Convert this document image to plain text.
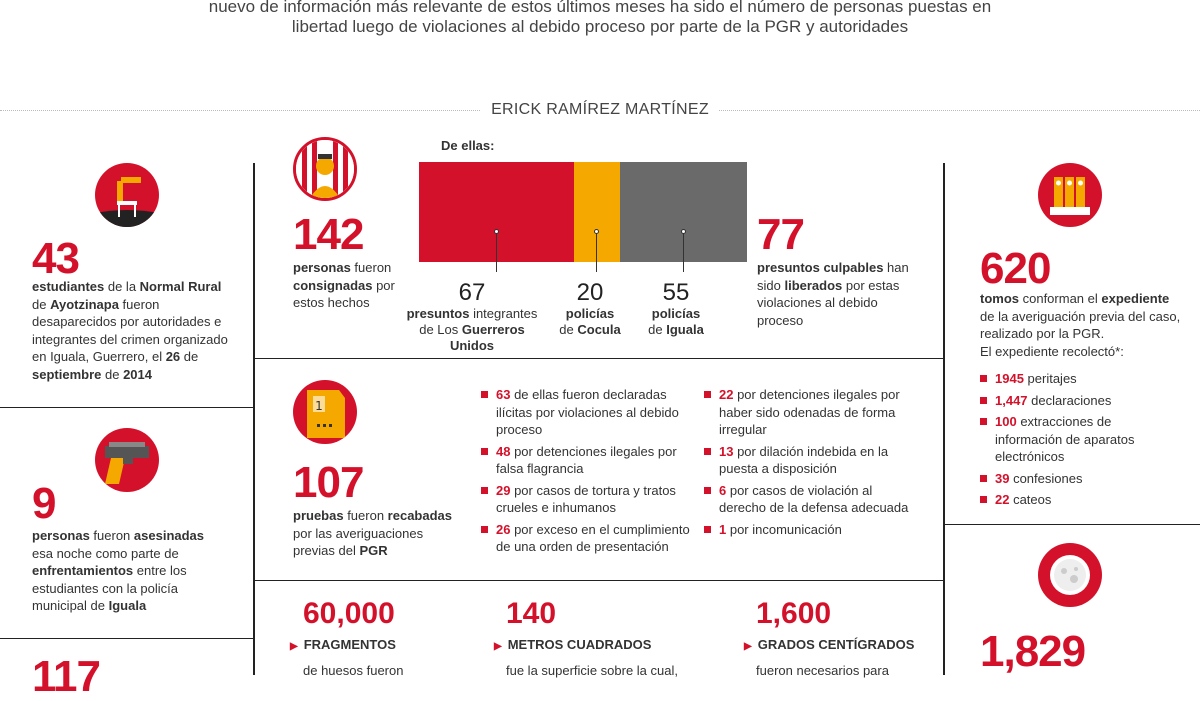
nuevo de información más relevante de estos últimos meses ha sido el número de personas puestas en
libertad luego de violaciones al debido proceso por parte de la PGR y autoridades
ERICK RAMÍREZ MARTÍNEZ
43
estudiantes de la Normal Rural de Ayotzinapa fueron desaparecidos por autoridades e integrantes del crimen organizado en Iguala, Guerrero, el 26 de septiembre de 2014
9
personas fueron asesinadas esa noche como parte de enfrentamientos entre los estudiantes con la policía municipal de Iguala
117
142
personas fueron consignadas por estos hechos
De ellas:
67
presuntos integrantes
de Los Guerreros Unidos
20
policías
de Cocula
55
policías
de Iguala
77
presuntos culpables han sido liberados por estas violaciones al debido proceso
1
107
pruebas fueron recabadas por las averiguaciones previas del PGR
63 de ellas fueron declaradas ilícitas por violaciones al debido proceso
48 por detenciones ilegales por falsa flagrancia
29 por casos de tortura y tratos crueles e inhumanos
26 por exceso en el cumplimiento de una orden de presentación
22 por detenciones ilegales por haber sido odenadas de forma irregular
13 por dilación indebida en la puesta a disposición
6 por casos de violación al derecho de la defensa adecuada
1 por incomunicación
60,000
▶ FRAGMENTOS
de huesos fueron
140
▶ METROS CUADRADOS
fue la superficie sobre la cual,
1,600
▶ GRADOS CENTÍGRADOS
fueron necesarios para
620
tomos conforman el expediente de la averiguación previa del caso, realizado por la PGR.
El expediente recolectó*:
1945 peritajes
1,447 declaraciones
100 extracciones de información de aparatos electrónicos
39 confesiones
22 cateos
1,829
